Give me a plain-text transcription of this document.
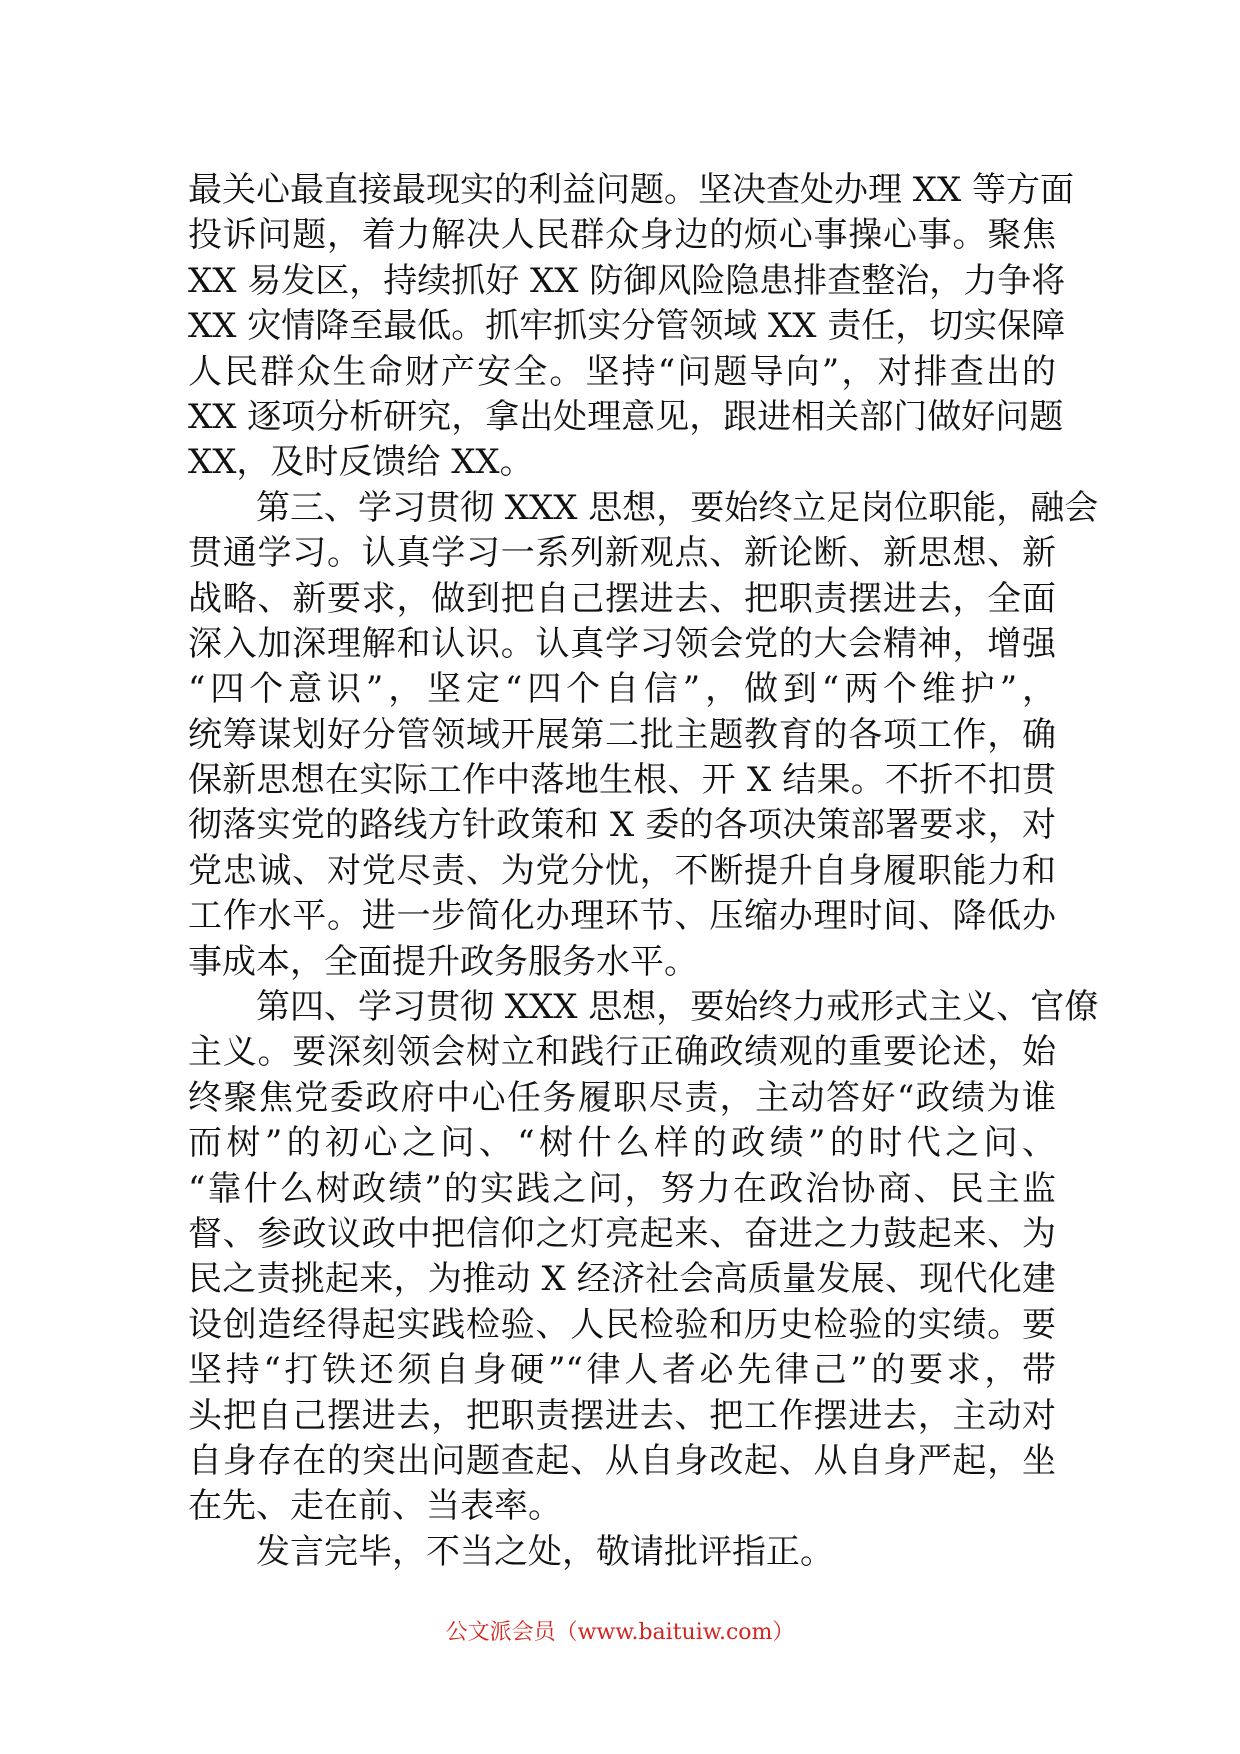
最关心最直接最现实的利益问题。坚决查处办理 XX 等方面
投诉问题，着力解决人民群众身边的烦心事操心事。聚焦
XX 易发区，持续抓好 XX 防御风险隐患排查整治，力争将
XX 灾情降至最低。抓牢抓实分管领域 XX 责任，切实保障
人民群众生命财产安全。坚持“问题导向”，对排查出的
XX 逐项分析研究，拿出处理意见，跟进相关部门做好问题
XX，及时反馈给 XX。
第三、学习贯彻 XXX 思想，要始终立足岗位职能，融会
贯通学习。认真学习一系列新观点、新论断、新思想、新
战略、新要求，做到把自己摆进去、把职责摆进去，全面
深入加深理解和认识。认真学习领会党的大会精神，增强
“四个意识”，坚定“四个自信”，做到“两个维护”，
统筹谋划好分管领域开展第二批主题教育的各项工作，确
保新思想在实际工作中落地生根、开 X 结果。不折不扣贯
彻落实党的路线方针政策和 X 委的各项决策部署要求，对
党忠诚、对党尽责、为党分忧，不断提升自身履职能力和
工作水平。进一步简化办理环节、压缩办理时间、降低办
事成本，全面提升政务服务水平。
第四、学习贯彻 XXX 思想，要始终力戒形式主义、官僚
主义。要深刻领会树立和践行正确政绩观的重要论述，始
终聚焦党委政府中心任务履职尽责，主动答好“政绩为谁
而树”的初心之问、“树什么样的政绩”的时代之问、
“靠什么树政绩”的实践之问，努力在政治协商、民主监
督、参政议政中把信仰之灯亮起来、奋进之力鼓起来、为
民之责挑起来，为推动 X 经济社会高质量发展、现代化建
设创造经得起实践检验、人民检验和历史检验的实绩。要
坚持“打铁还须自身硬”“律人者必先律己”的要求，带
头把自己摆进去，把职责摆进去、把工作摆进去，主动对
自身存在的突出问题查起、从自身改起、从自身严起，坐
在先、走在前、当表率。
发言完毕，不当之处，敬请批评指正。
公文派会员（www.baituiw.com）
